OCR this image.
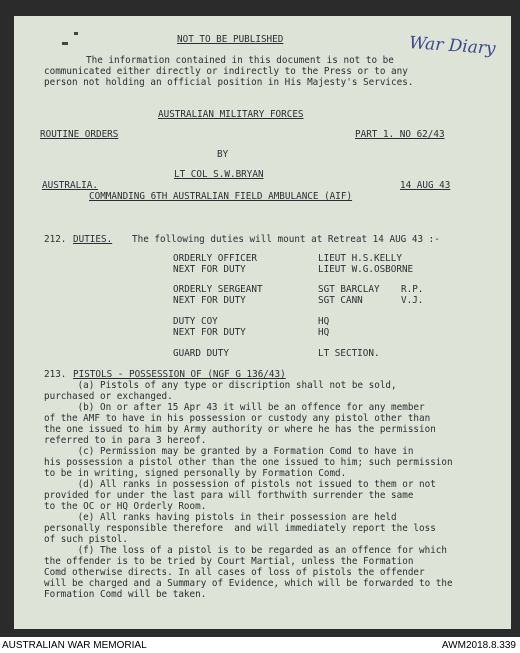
NOT TO BE PUBLISHED	War Diary
The information contained in this document is not to be
communicated either directly or indirectly to the Press or to any
person not holding an official position in His Majesty's Services.
AUSTRALIAN MILITARY FORCES
ROUTINE ORDERS	PART 1. NO 62/43
BY
LT COL S.W.BRYAN
AUSTRALIA.	14 AUG 43
COMMANDING 6TH AUSTRALIAN FIELD AMBULANCE (AIF)
212. DUTIES. The following duties will mount at Retreat 14 AUG 43 :-
ORDERLY OFFICER	LIEUT H.S.KELLY
NEXT FOR DUTY	LIEUT W.G.OSBORNE
ORDERLY SERGEANT	SGT BARCLAY R.P.
NEXT FOR DUTY	SGT CANN	V.J.
DUTY COY	HQ
NEXT FOR DUTY	HQ
GUARD DUTY	LT SECTION.
213. PISTOLS - POSSESSION OF (NGF G 136/43)
(a) Pistols of any type or discription shall not be sold,
purchased or exchanged.
(b) On or after 15 Apr 43 it will be an offence for any member
of the AMF to have in his possession or custody any pistol other than
the one issued to him by Army authority or where he has the permission
referred to in para 3 hereof.
(c) Permission may be granted by a Formation Comd to have in
his possession a pistol other than the one issued to him; such permission
to be in writing, signed personally by Formation Comd.
(d) All ranks in possession of pistols not issued to them or not
provided for under the last para will forthwith surrender the same
to the OC or HQ Orderly Room.
(e) All ranks having pistols in their possession are held
personally responsible therefore  and will immediately report the loss
of such pistol.
(f) The loss of a pistol is to be regarded as an offence for which
the offender is to be tried by Court Martial, unless the Formation
Comd otherwise directs. In all cases of loss of pistols the offender
will be charged and a Summary of Evidence, which will be forwarded to the
Formation Comd will be taken.
AUSTRALIAN WAR MEMORIAL	AWM2018.8.339
